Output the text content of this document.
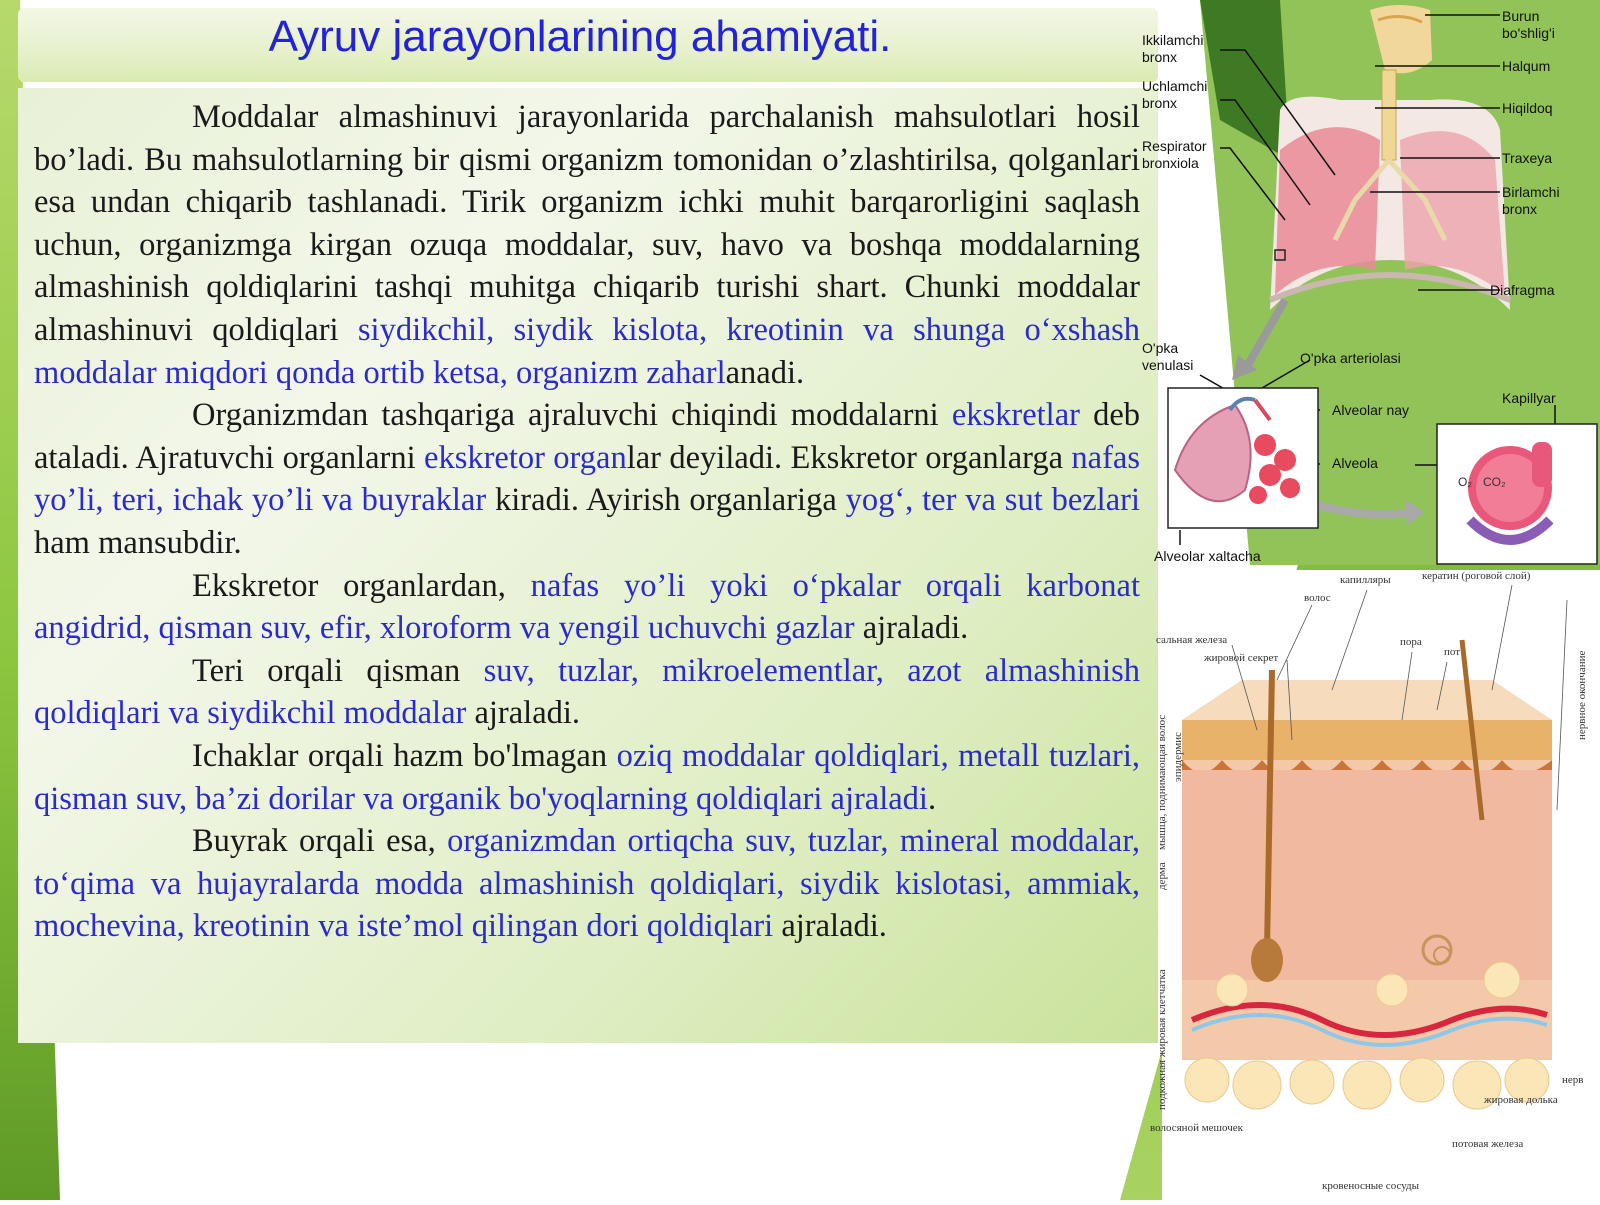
Ayruv jarayonlarining ahamiyati.

Moddalar almashinuvi jarayonlarida parchalanish mahsulotlari hosil bo’ladi. Bu mahsulotlarning bir qismi organizm tomonidan o’zlashtirilsa, qolganlari esa undan chiqarib tashlanadi. Tirik organizm ichki muhit barqarorligini saqlash uchun, organizmga kirgan ozuqa moddalar, suv, havo va boshqa moddalarning almashinish qoldiqlarini tashqi muhitga chiqarib turishi shart. Chunki moddalar almashinuvi qoldiqlari siydikchil, siydik kislota, kreotinin va shunga o‘xshash moddalar miqdori qonda ortib ketsa, organizm zaharlanadi.

Organizmdan tashqariga ajraluvchi chiqindi moddalarni ekskretlar deb ataladi. Ajratuvchi organlarni ekskretor organlar deyiladi. Ekskretor organlarga nafas yo’li, teri, ichak yo’li va buyraklar kiradi. Ayirish organlariga yog‘, ter va sut bezlari ham mansubdir.

Ekskretor organlardan, nafas yo’li yoki o‘pkalar orqali karbonat angidrid, qisman suv, efir, xloroform va yengil uchuvchi gazlar ajraladi.

Teri orqali qisman suv, tuzlar, mikroelementlar, azot almashinish qoldiqlari va siydikchil moddalar ajraladi.

Ichaklar orqali hazm bo'lmagan oziq moddalar qoldiqlari, metall tuzlari, qisman suv, ba’zi dorilar va organik bo'yoqlarning qoldiqlari ajraladi.

Buyrak orqali esa, organizmdan ortiqcha suv, tuzlar, mineral moddalar, to‘qima va hujayralarda modda almashinish qoldiqlari, siydik kislotasi, ammiak, mochevina, kreotinin va iste’mol qilingan dori qoldiqlari ajraladi.

Ikkilamchi
bronx
Uchlamchi
bronx
Respirator
bronxiola
Burun
bo'shlig'i
Halqum
Hiqildoq
Traxeya
Birlamchi
bronx
Diafragma
O'pka
venulasi	O'pka arteriolasi
Alveolar nay
Alveola
Kapillyar
Alveolar xaltacha
O₂ CO₂
капилляры	кератин (роговой слой)
волос
сальная железа
жировой секрет
пора
пот
мышца, поднимающая волос эпидермис
дерма
подкожная жировая клетчатка
нервное окончание
нерв
жировая долька
волосяной мешочек
потовая железа
кровеносные сосуды
